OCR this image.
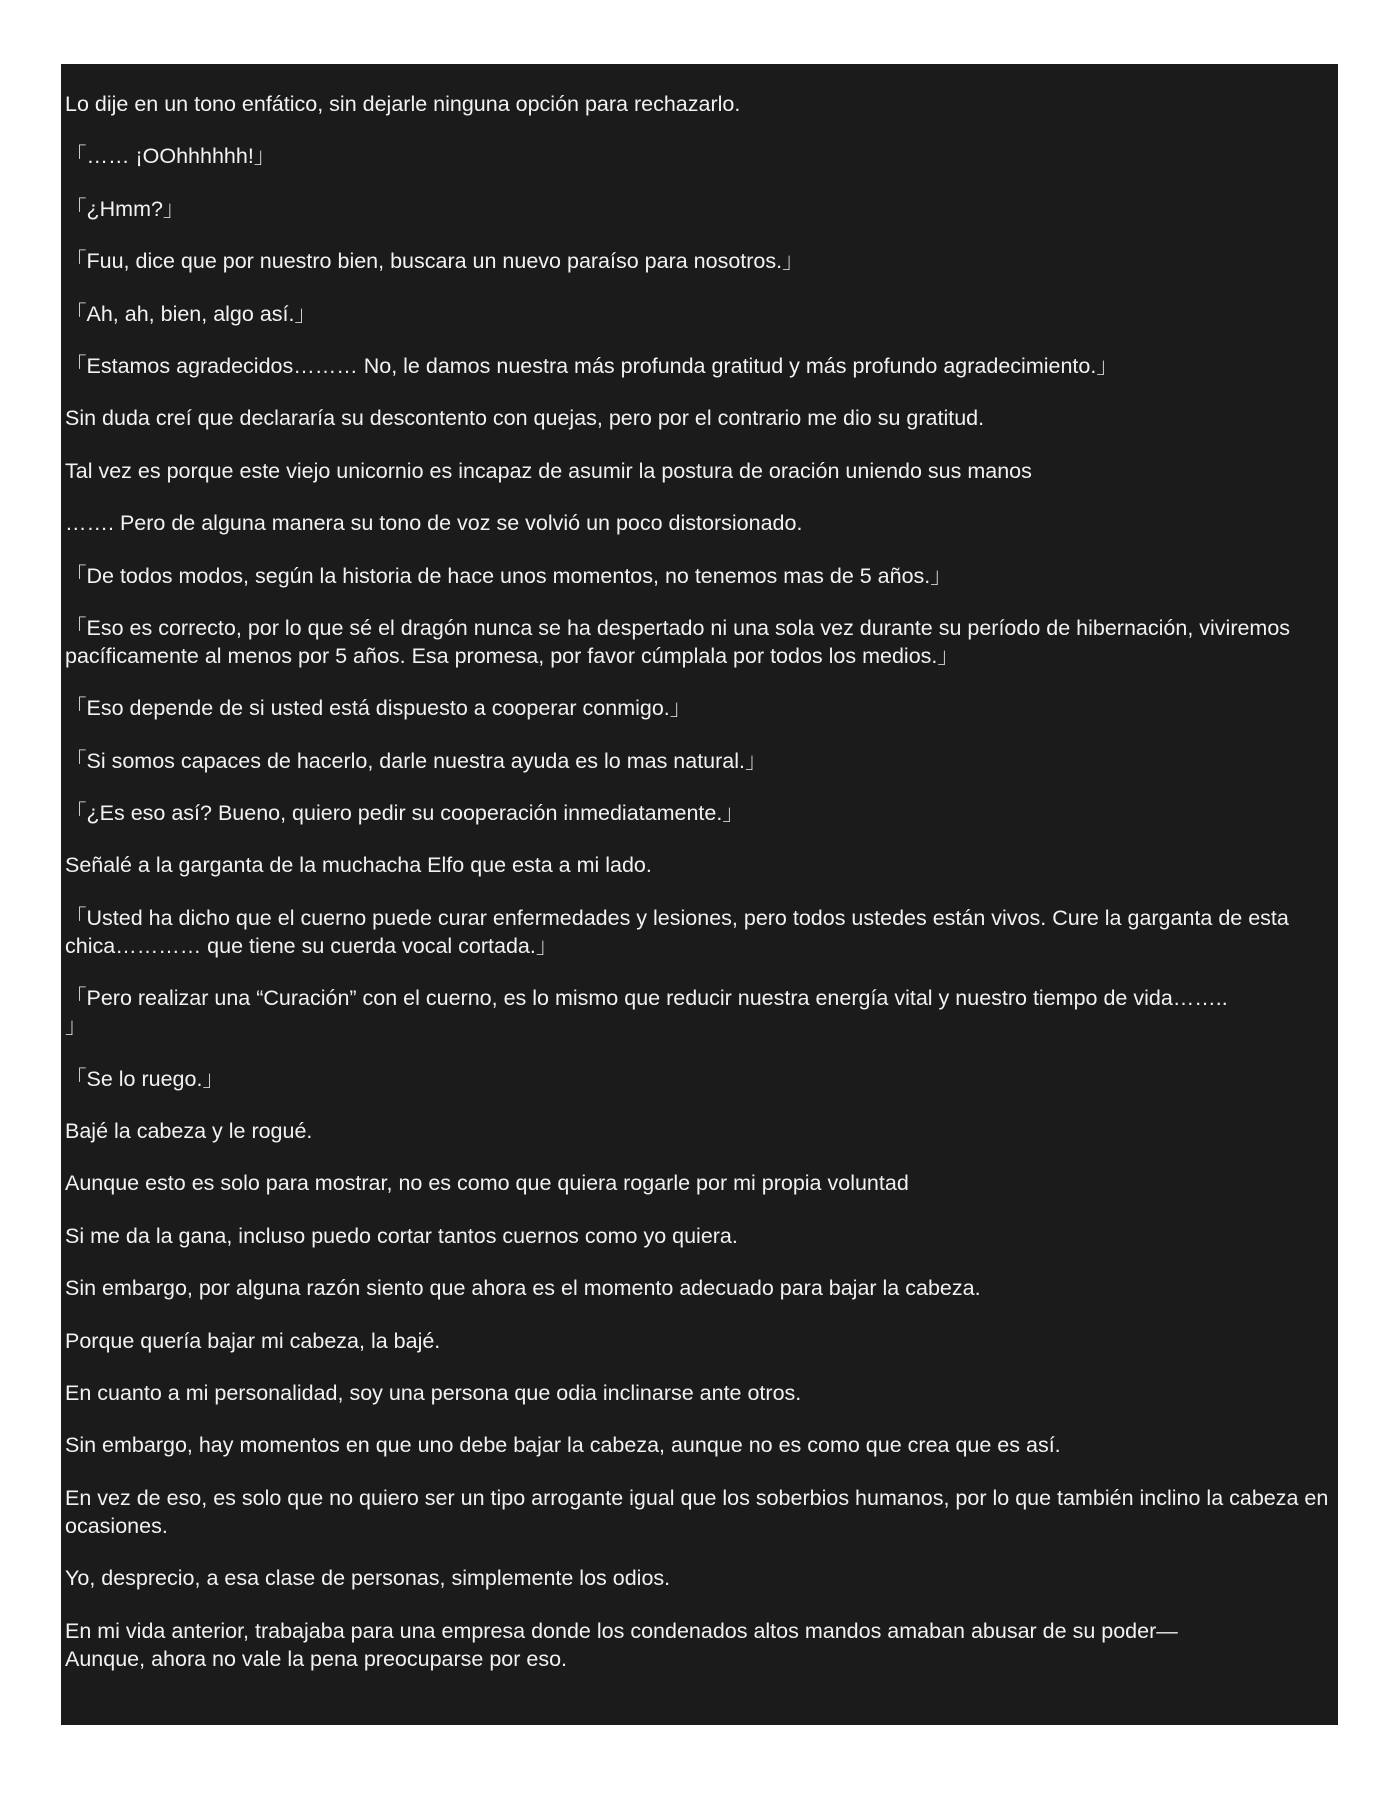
Lo dije en un tono enfático, sin dejarle ninguna opción para rechazarlo.

「…… ¡OOhhhhhh!」

「¿Hmm?」

「Fuu, dice que por nuestro bien, buscara un nuevo paraíso para nosotros.」

「Ah, ah, bien, algo así.」

「Estamos agradecidos……… No, le damos nuestra más profunda gratitud y más profundo agradecimiento.」

Sin duda creí que declararía su descontento con quejas, pero por el contrario me dio su gratitud.

Tal vez es porque este viejo unicornio es incapaz de asumir la postura de oración uniendo sus manos

……. Pero de alguna manera su tono de voz se volvió un poco distorsionado.

「De todos modos, según la historia de hace unos momentos, no tenemos mas de 5 años.」

「Eso es correcto, por lo que sé el dragón nunca se ha despertado ni una sola vez durante su período de hibernación, viviremos pacíficamente al menos por 5 años. Esa promesa, por favor cúmplala por todos los medios.」

「Eso depende de si usted está dispuesto a cooperar conmigo.」

「Si somos capaces de hacerlo, darle nuestra ayuda es lo mas natural.」

「¿Es eso así? Bueno, quiero pedir su cooperación inmediatamente.」

Señalé a la garganta de la muchacha Elfo que esta a mi lado.

「Usted ha dicho que el cuerno puede curar enfermedades y lesiones, pero todos ustedes están vivos. Cure la garganta de esta chica………… que tiene su cuerda vocal cortada.」

「Pero realizar una “Curación” con el cuerno, es lo mismo que reducir nuestra energía vital y nuestro tiempo de vida……..
」

「Se lo ruego.」

Bajé la cabeza y le rogué.

Aunque esto es solo para mostrar, no es como que quiera rogarle por mi propia voluntad

Si me da la gana, incluso puedo cortar tantos cuernos como yo quiera.

Sin embargo, por alguna razón siento que ahora es el momento adecuado para bajar la cabeza.

Porque quería bajar mi cabeza, la bajé.

En cuanto a mi personalidad, soy una persona que odia inclinarse ante otros.

Sin embargo, hay momentos en que uno debe bajar la cabeza, aunque no es como que crea que es así.

En vez de eso, es solo que no quiero ser un tipo arrogante igual que los soberbios humanos, por lo que también inclino la cabeza en ocasiones.

Yo, desprecio, a esa clase de personas, simplemente los odios.

En mi vida anterior, trabajaba para una empresa donde los condenados altos mandos amaban abusar de su poder—
Aunque, ahora no vale la pena preocuparse por eso.
